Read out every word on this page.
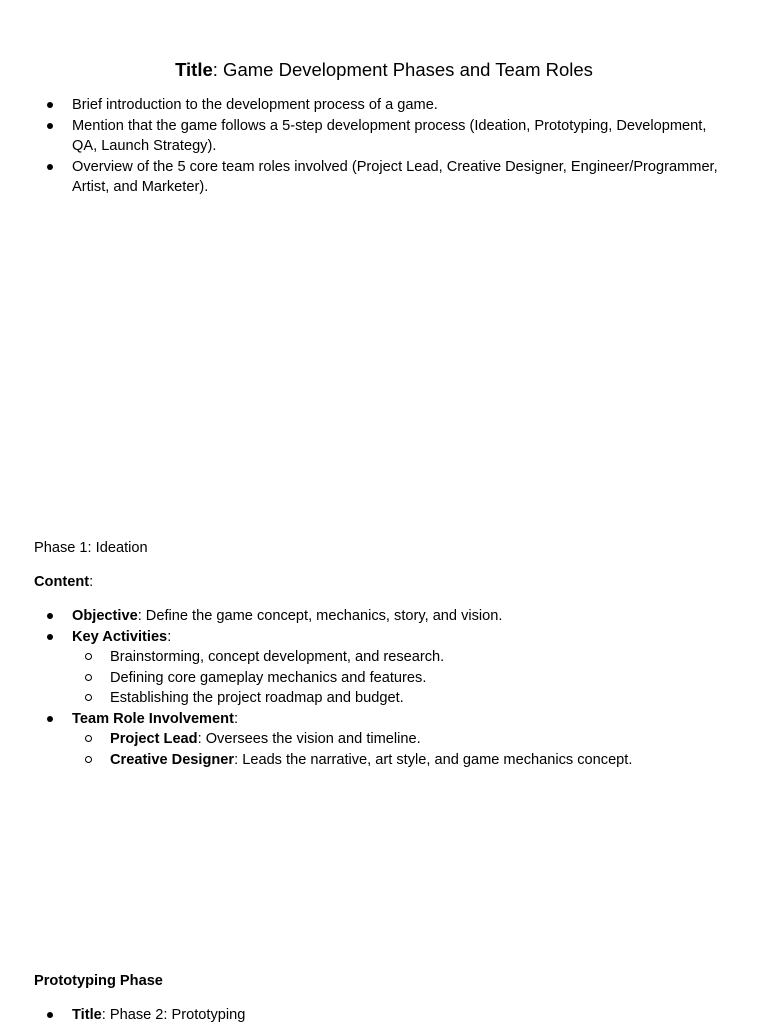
Title: Game Development Phases and Team Roles
Brief introduction to the development process of a game.
Mention that the game follows a 5-step development process (Ideation, Prototyping, Development, QA, Launch Strategy).
Overview of the 5 core team roles involved (Project Lead, Creative Designer, Engineer/Programmer, Artist, and Marketer).
Phase 1: Ideation
Content:
Objective: Define the game concept, mechanics, story, and vision.
Key Activities:
Brainstorming, concept development, and research.
Defining core gameplay mechanics and features.
Establishing the project roadmap and budget.
Team Role Involvement:
Project Lead: Oversees the vision and timeline.
Creative Designer: Leads the narrative, art style, and game mechanics concept.
Prototyping Phase
Title: Phase 2: Prototyping
